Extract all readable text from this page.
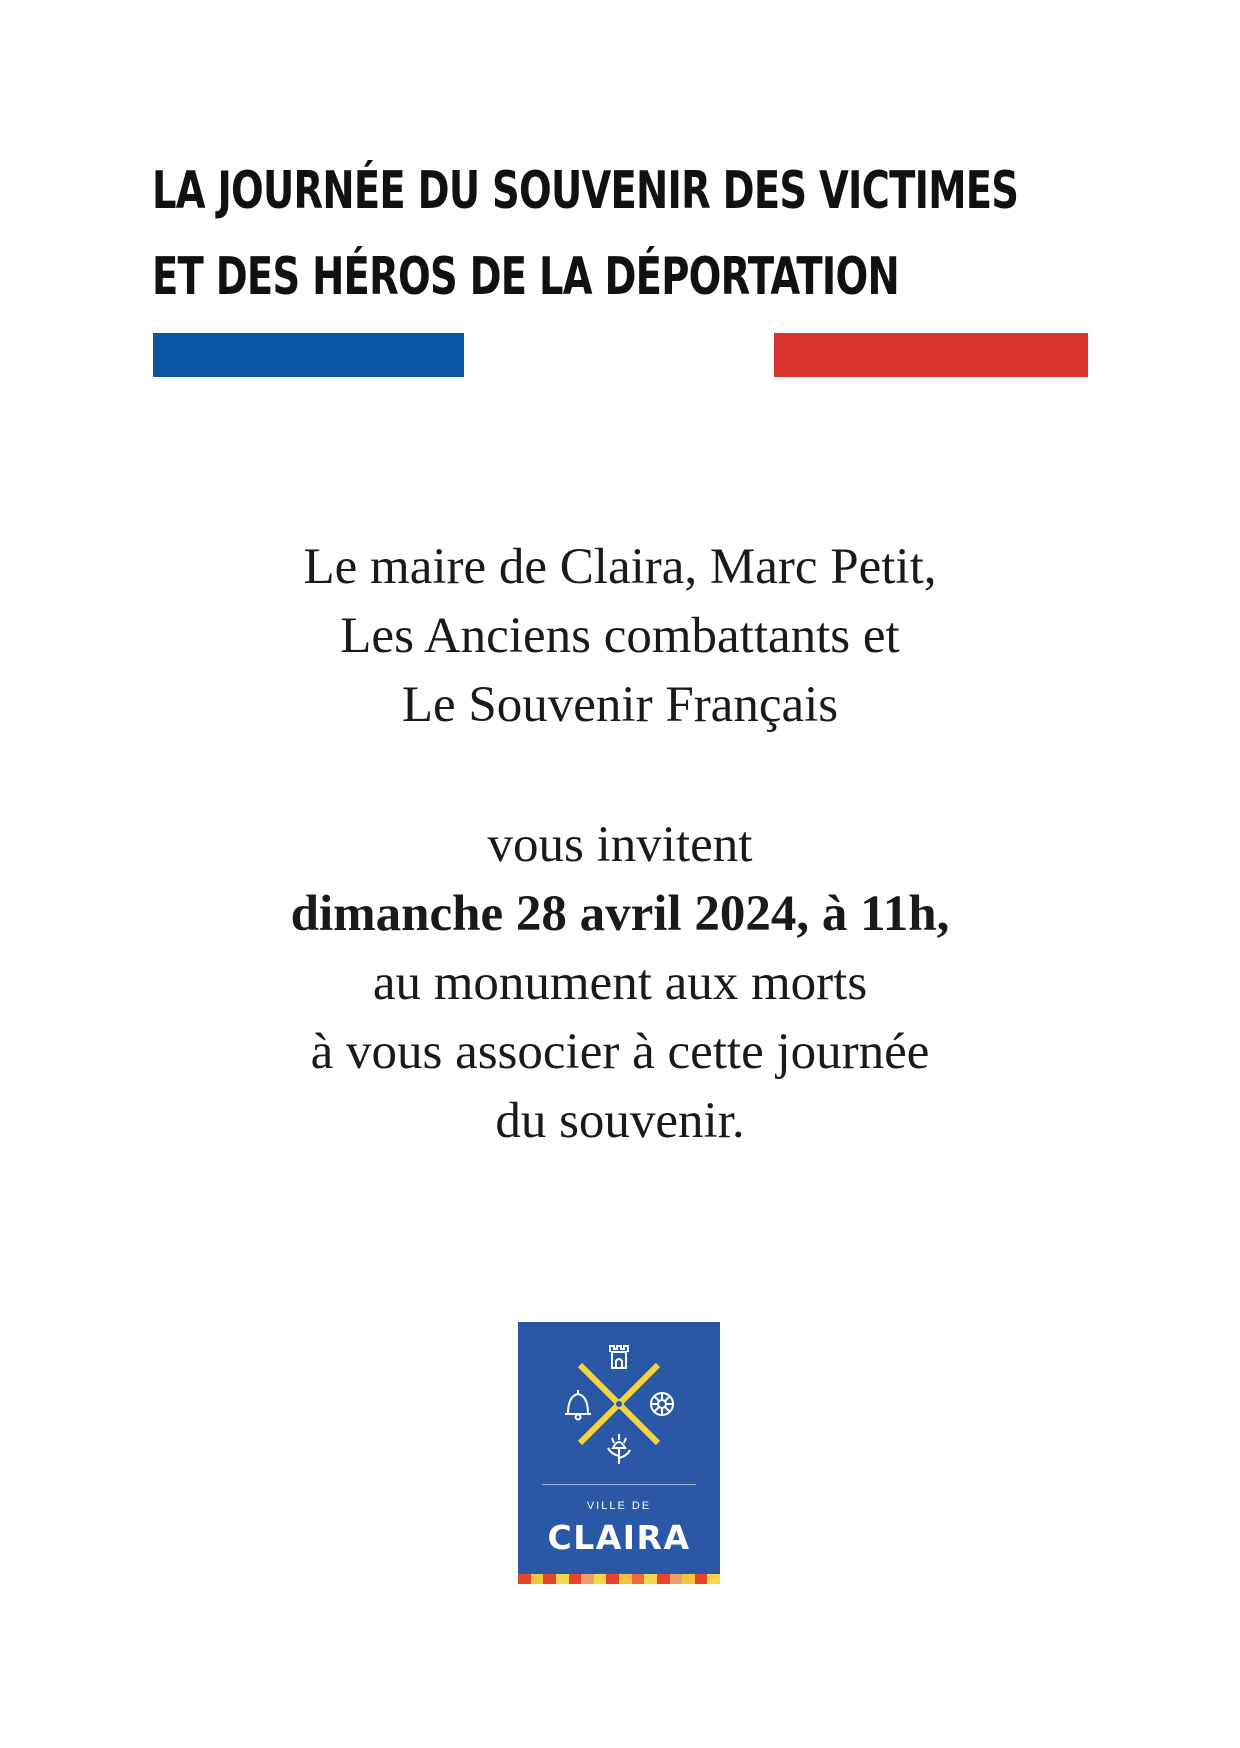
LA JOURNÉE DU SOUVENIR DES VICTIMES
ET DES HÉROS DE LA DÉPORTATION
Le maire de Claira, Marc Petit,
Les Anciens combattants et
Le Souvenir Français
vous invitent
dimanche 28 avril 2024, à 11h,
au monument aux morts
à vous associer à cette journée
du souvenir.
VILLE DE
CLAIRA
